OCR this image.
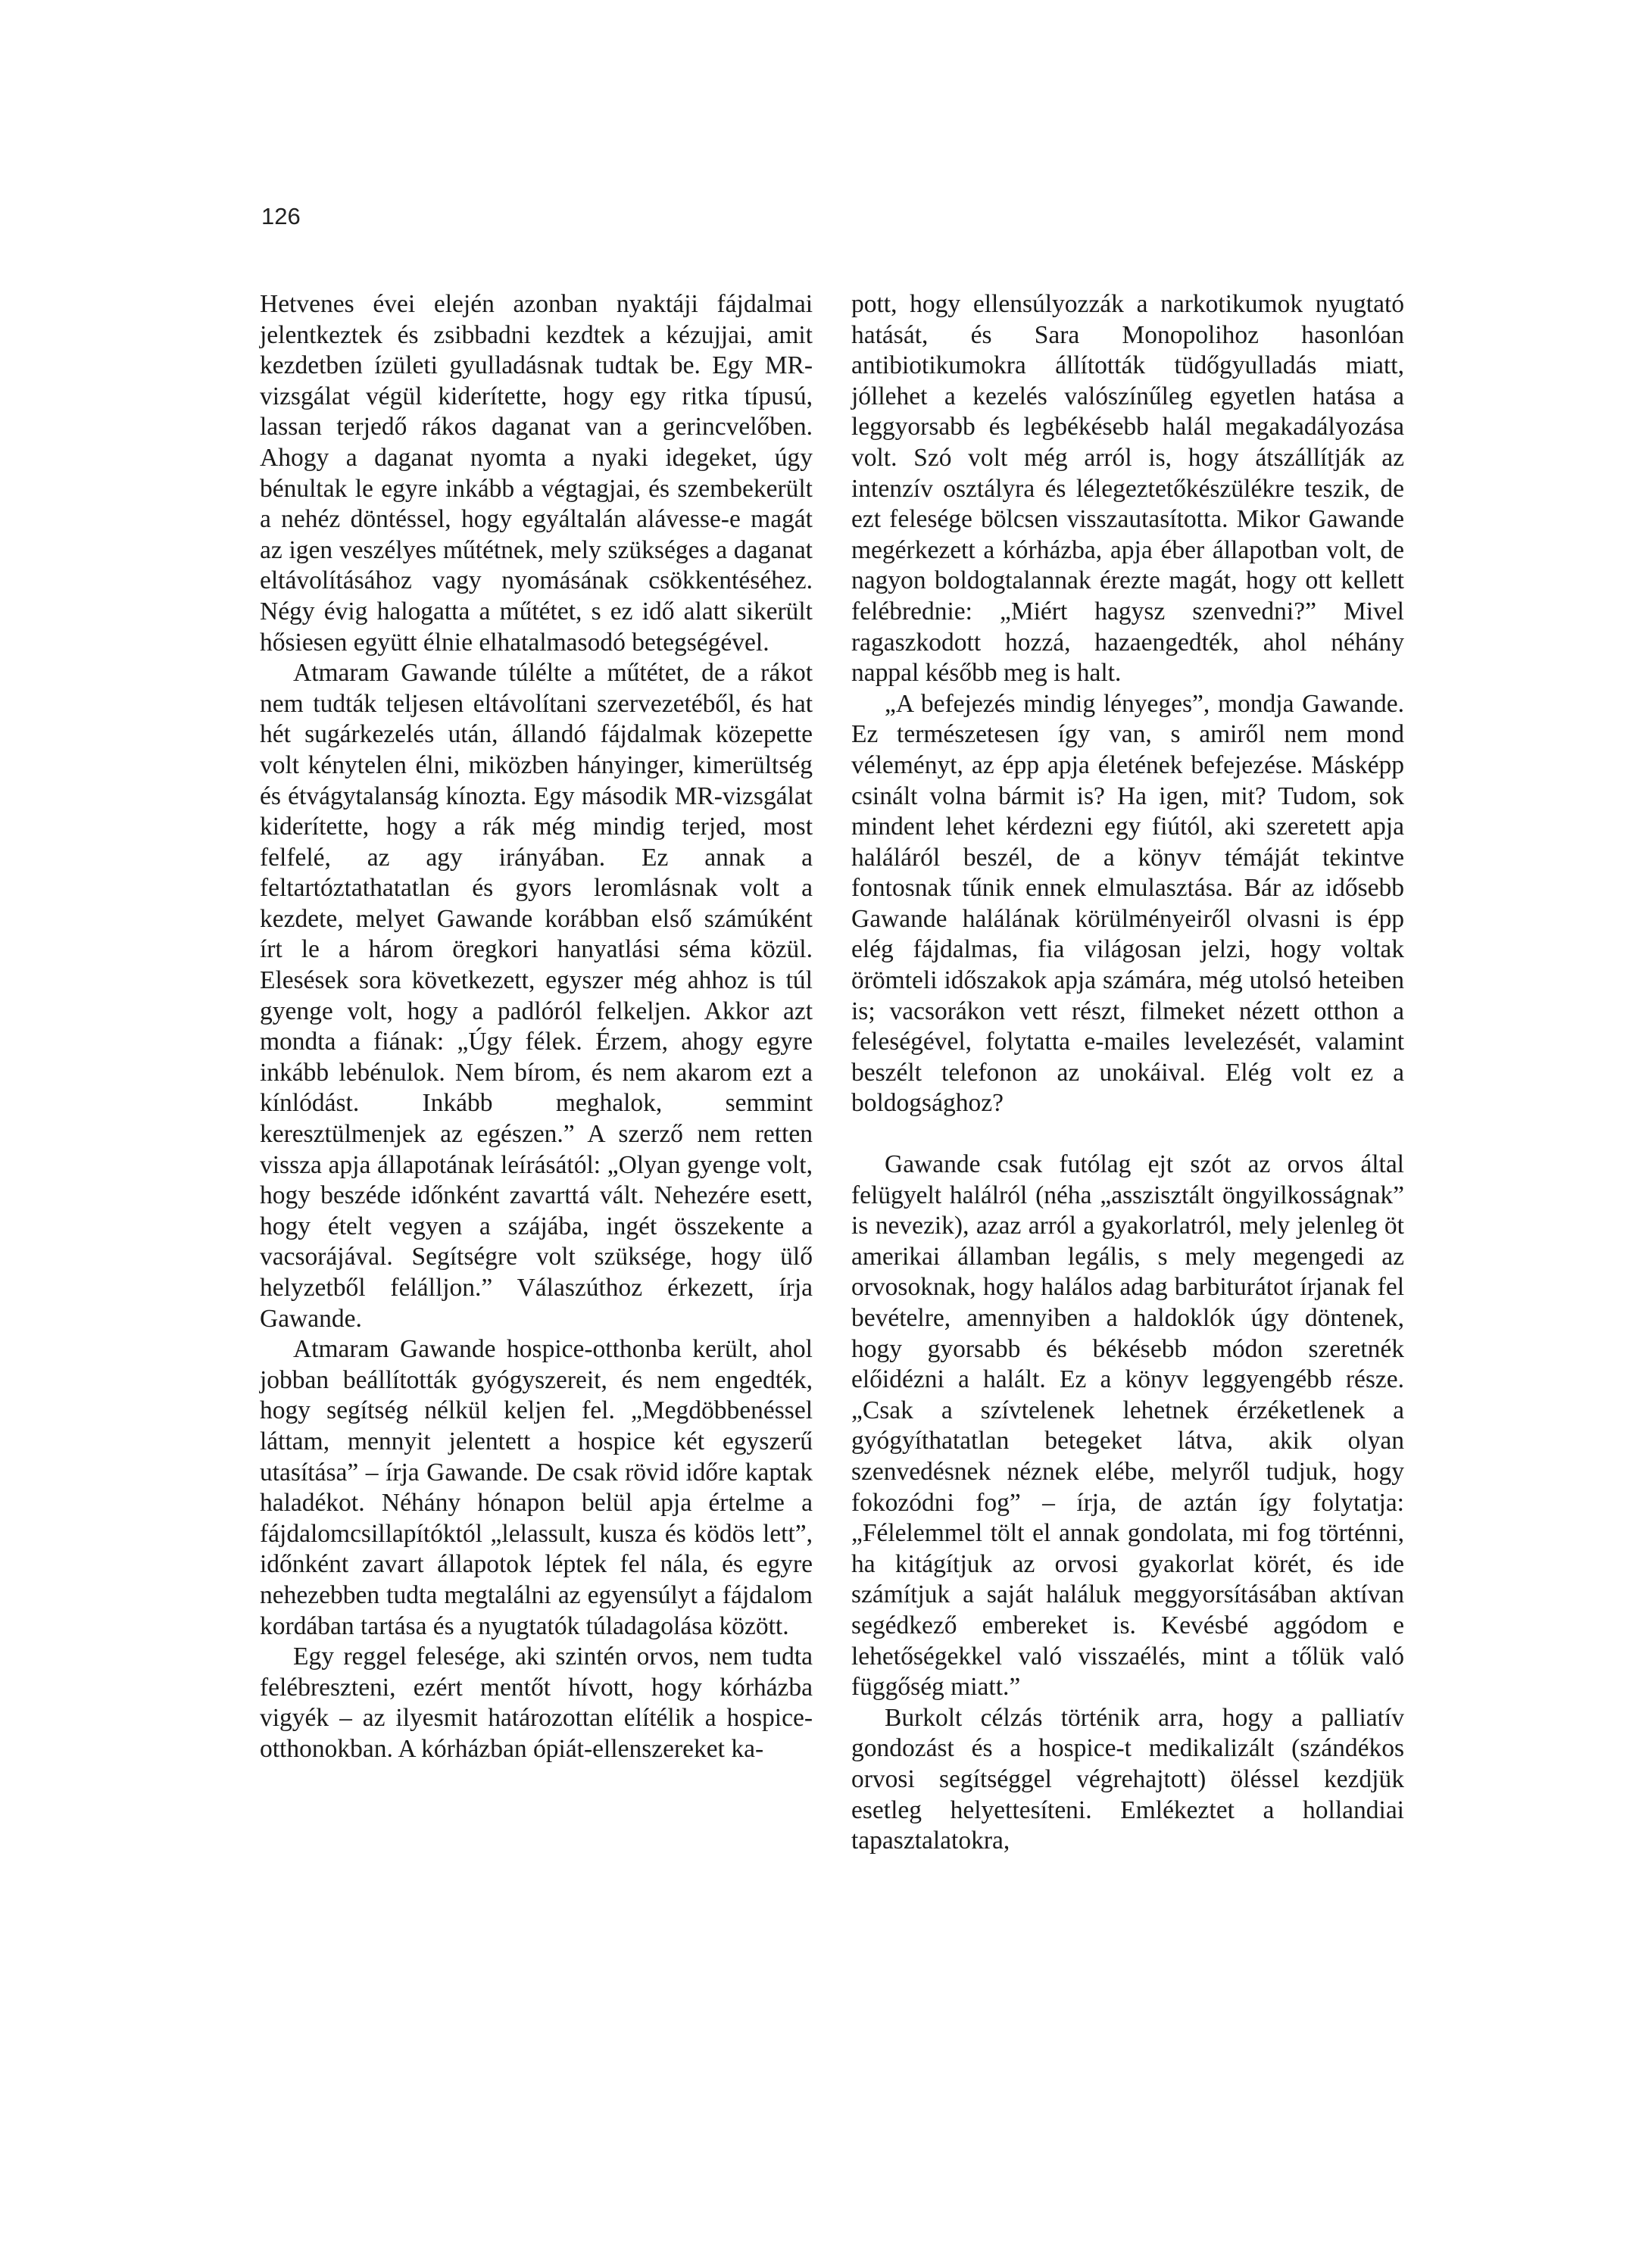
126

Hetvenes évei elején azonban nyaktáji fájdalmai jelentkeztek és zsibbadni kezdtek a kézujjai, amit kezdetben ízületi gyulladásnak tudtak be. Egy MR-vizsgálat végül kiderítette, hogy egy ritka típusú, lassan terjedő rákos daganat van a gerincvelőben. Ahogy a daganat nyomta a nyaki idegeket, úgy bénultak le egyre inkább a végtagjai, és szembekerült a nehéz döntéssel, hogy egyáltalán alávesse-e magát az igen veszélyes műtétnek, mely szükséges a daganat eltávolításához vagy nyomásának csökkentéséhez. Négy évig halogatta a műtétet, s ez idő alatt sikerült hősiesen együtt élnie elhatalmasodó betegségével.

Atmaram Gawande túlélte a műtétet, de a rákot nem tudták teljesen eltávolítani szervezetéből, és hat hét sugárkezelés után, állandó fájdalmak közepette volt kénytelen élni, miközben hányinger, kimerültség és étvágytalanság kínozta. Egy második MR-vizsgálat kiderítette, hogy a rák még mindig terjed, most felfelé, az agy irányában. Ez annak a feltartóztathatatlan és gyors leromlásnak volt a kezdete, melyet Gawande korábban első számúként írt le a három öregkori hanyatlási séma közül. Elesések sora következett, egyszer még ahhoz is túl gyenge volt, hogy a padlóról felkeljen. Akkor azt mondta a fiának: „Úgy félek. Érzem, ahogy egyre inkább lebénulok. Nem bírom, és nem akarom ezt a kínlódást. Inkább meghalok, semmint keresztülmenjek az egészen.” A szerző nem retten vissza apja állapotának leírásától: „Olyan gyenge volt, hogy beszéde időnként zavarttá vált. Nehezére esett, hogy ételt vegyen a szájába, ingét összekente a vacsorájával. Segítségre volt szüksége, hogy ülő helyzetből felálljon.” Válaszúthoz érkezett, írja Gawande.

Atmaram Gawande hospice-otthonba került, ahol jobban beállították gyógyszereit, és nem engedték, hogy segítség nélkül keljen fel. „Megdöbbenéssel láttam, mennyit jelentett a hospice két egyszerű utasítása” – írja Gawande. De csak rövid időre kaptak haladékot. Néhány hónapon belül apja értelme a fájdalomcsillapítóktól „lelassult, kusza és ködös lett”, időnként zavart állapotok léptek fel nála, és egyre nehezebben tudta megtalálni az egyensúlyt a fájdalom kordában tartása és a nyugtatók túladagolása között.

Egy reggel felesége, aki szintén orvos, nem tudta felébreszteni, ezért mentőt hívott, hogy kórházba vigyék – az ilyesmit határozottan elítélik a hospice-otthonokban. A kórházban ópiát-ellenszereket ka-

pott, hogy ellensúlyozzák a narkotikumok nyugtató hatását, és Sara Monopolihoz hasonlóan antibiotikumokra állították tüdőgyulladás miatt, jóllehet a kezelés valószínűleg egyetlen hatása a leggyorsabb és legbékésebb halál megakadályozása volt. Szó volt még arról is, hogy átszállítják az intenzív osztályra és lélegeztetőkészülékre teszik, de ezt felesége bölcsen visszautasította. Mikor Gawande megérkezett a kórházba, apja éber állapotban volt, de nagyon boldogtalannak érezte magát, hogy ott kellett felébrednie: „Miért hagysz szenvedni?” Mivel ragaszkodott hozzá, hazaengedték, ahol néhány nappal később meg is halt.

„A befejezés mindig lényeges”, mondja Gawande. Ez természetesen így van, s amiről nem mond véleményt, az épp apja életének befejezése. Másképp csinált volna bármit is? Ha igen, mit? Tudom, sok mindent lehet kérdezni egy fiútól, aki szeretett apja haláláról beszél, de a könyv témáját tekintve fontosnak tűnik ennek elmulasztása. Bár az idősebb Gawande halálának körülményeiről olvasni is épp elég fájdalmas, fia világosan jelzi, hogy voltak örömteli időszakok apja számára, még utolsó heteiben is; vacsorákon vett részt, filmeket nézett otthon a feleségével, folytatta e-mailes levelezését, valamint beszélt telefonon az unokáival. Elég volt ez a boldogsághoz?

Gawande csak futólag ejt szót az orvos által felügyelt halálról (néha „asszisztált öngyilkosságnak” is nevezik), azaz arról a gyakorlatról, mely jelenleg öt amerikai államban legális, s mely megengedi az orvosoknak, hogy halálos adag barbiturátot írjanak fel bevételre, amennyiben a haldoklók úgy döntenek, hogy gyorsabb és békésebb módon szeretnék előidézni a halált. Ez a könyv leggyengébb része. „Csak a szívtelenek lehetnek érzéketlenek a gyógyíthatatlan betegeket látva, akik olyan szenvedésnek néznek elébe, melyről tudjuk, hogy fokozódni fog” – írja, de aztán így folytatja: „Félelemmel tölt el annak gondolata, mi fog történni, ha kitágítjuk az orvosi gyakorlat körét, és ide számítjuk a saját haláluk meggyorsításában aktívan segédkező embereket is. Kevésbé aggódom e lehetőségekkel való visszaélés, mint a tőlük való függőség miatt.”

Burkolt célzás történik arra, hogy a palliatív gondozást és a hospice-t medikalizált (szándékos orvosi segítséggel végrehajtott) öléssel kezdjük esetleg helyettesíteni. Emlékeztet a hollandiai tapasztalatokra,
